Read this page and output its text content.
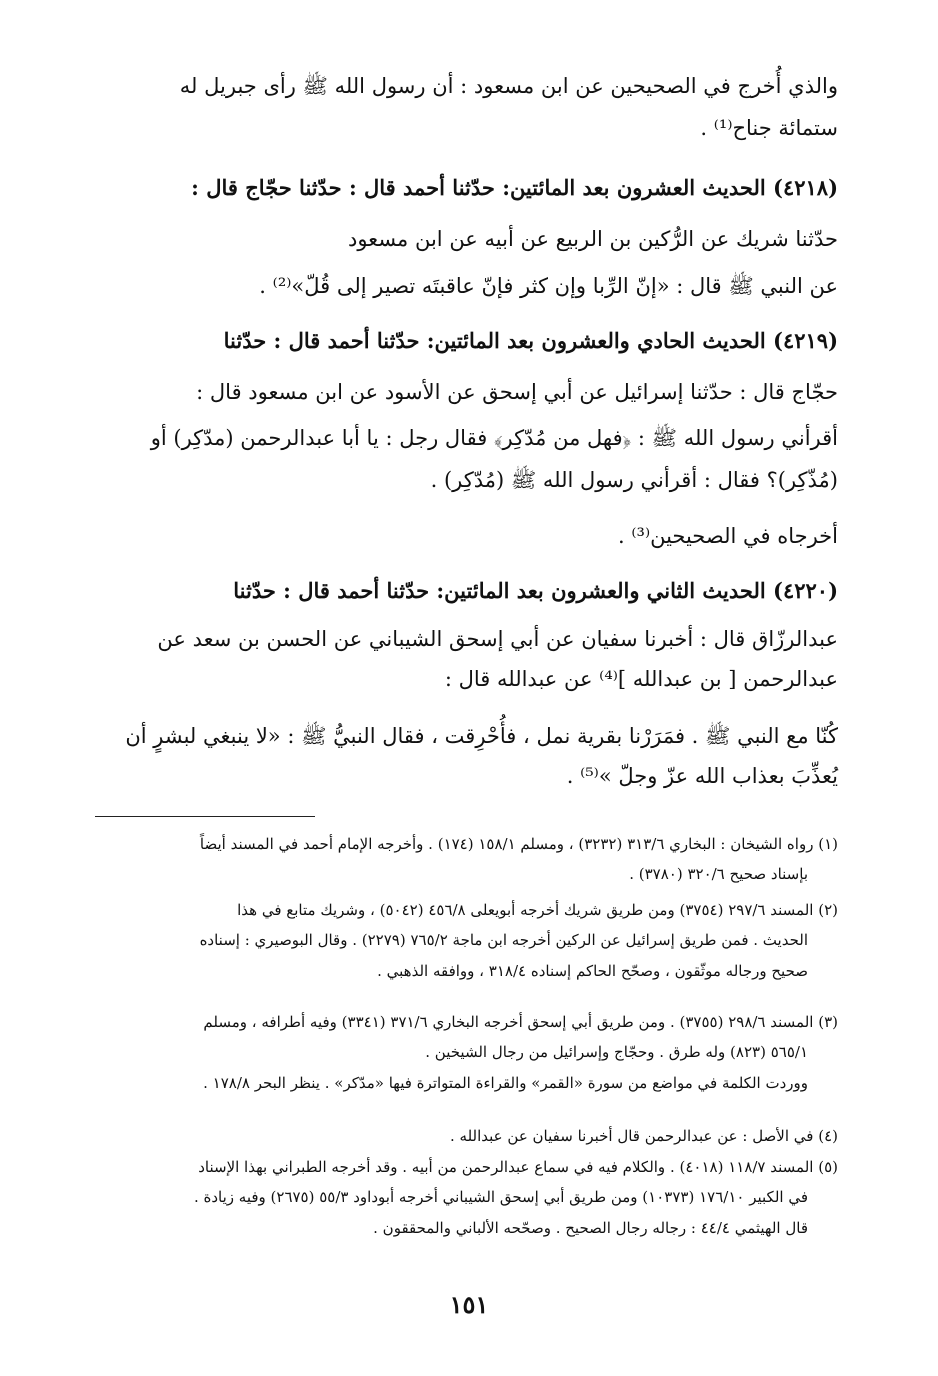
والذي أُخرج في الصحيحين عن ابن مسعود : أن رسول الله ﷺ رأى جبريل له
ستمائة جناح⁽¹⁾ .
(٤٢١٨) الحديث العشرون بعد المائتين: حدّثنا أحمد قال : حدّثنا حجّاج قال :
حدّثنا شريك عن الرُّكين بن الربيع عن أبيه عن ابن مسعود
عن النبي ﷺ قال : «إنّ الرِّبا وإن كثر فإنّ عاقبتَه تصير إلى قُلّ»⁽²⁾ .
(٤٢١٩) الحديث الحادي والعشرون بعد المائتين: حدّثنا أحمد قال : حدّثنا
حجّاج قال : حدّثنا إسرائيل عن أبي إسحق عن الأسود عن ابن مسعود قال :
أقرأني رسول الله ﷺ : ﴿فهل من مُدّكِر﴾ فقال رجل : يا أبا عبدالرحمن (مدّكِر) أو
(مُذّكِر)؟ فقال : أقرأني رسول الله ﷺ (مُدّكِر) .
أخرجاه في الصحيحين⁽³⁾ .
(٤٢٢٠) الحديث الثاني والعشرون بعد المائتين: حدّثنا أحمد قال : حدّثنا
عبدالرزّاق قال : أخبرنا سفيان عن أبي إسحق الشيباني عن الحسن بن سعد عن
عبدالرحمن [ بن عبدالله ]⁽⁴⁾ عن عبدالله قال :
كُنّا مع النبي ﷺ . فمَرَرْنا بقرية نمل ، فأُحْرِقت ، فقال النبيُّ ﷺ : «لا ينبغي لبشرٍ أن
يُعذِّبَ بعذاب الله عزّ وجلّ »⁽⁵⁾ .
(١) رواه الشيخان : البخاري ٣١٣/٦ (٣٢٣٢) ، ومسلم ١٥٨/١ (١٧٤) . وأخرجه الإمام أحمد في المسند أيضاً
بإسناد صحيح ٣٢٠/٦ (٣٧٨٠) .
(٢) المسند ٢٩٧/٦ (٣٧٥٤) ومن طريق شريك أخرجه أبويعلى ٤٥٦/٨ (٥٠٤٢) ، وشريك متابع في هذا
الحديث . فمن طريق إسرائيل عن الركين أخرجه ابن ماجة ٧٦٥/٢ (٢٢٧٩) . وقال البوصيري : إسناده
صحيح ورجاله موثّقون ، وصحّح الحاكم إسناده ٣١٨/٤ ، ووافقه الذهبي .
(٣) المسند ٢٩٨/٦ (٣٧٥٥) . ومن طريق أبي إسحق أخرجه البخاري ٣٧١/٦ (٣٣٤١) وفيه أطرافه ، ومسلم
٥٦٥/١ (٨٢٣) وله طرق . وحجّاج وإسرائيل من رجال الشيخين .
ووردت الكلمة في مواضع من سورة «القمر» والقراءة المتواترة فيها «مدّكر» . ينظر البحر ١٧٨/٨ .
(٤) في الأصل : عن عبدالرحمن قال أخبرنا سفيان عن عبدالله .
(٥) المسند ١١٨/٧ (٤٠١٨) . والكلام فيه في سماع عبدالرحمن من أبيه . وقد أخرجه الطبراني بهذا الإسناد
في الكبير ١٧٦/١٠ (١٠٣٧٣) ومن طريق أبي إسحق الشيباني أخرجه أبوداود ٥٥/٣ (٢٦٧٥) وفيه زيادة .
قال الهيثمي ٤٤/٤ : رجاله رجال الصحيح . وصحّحه الألباني والمحققون .
١٥١
